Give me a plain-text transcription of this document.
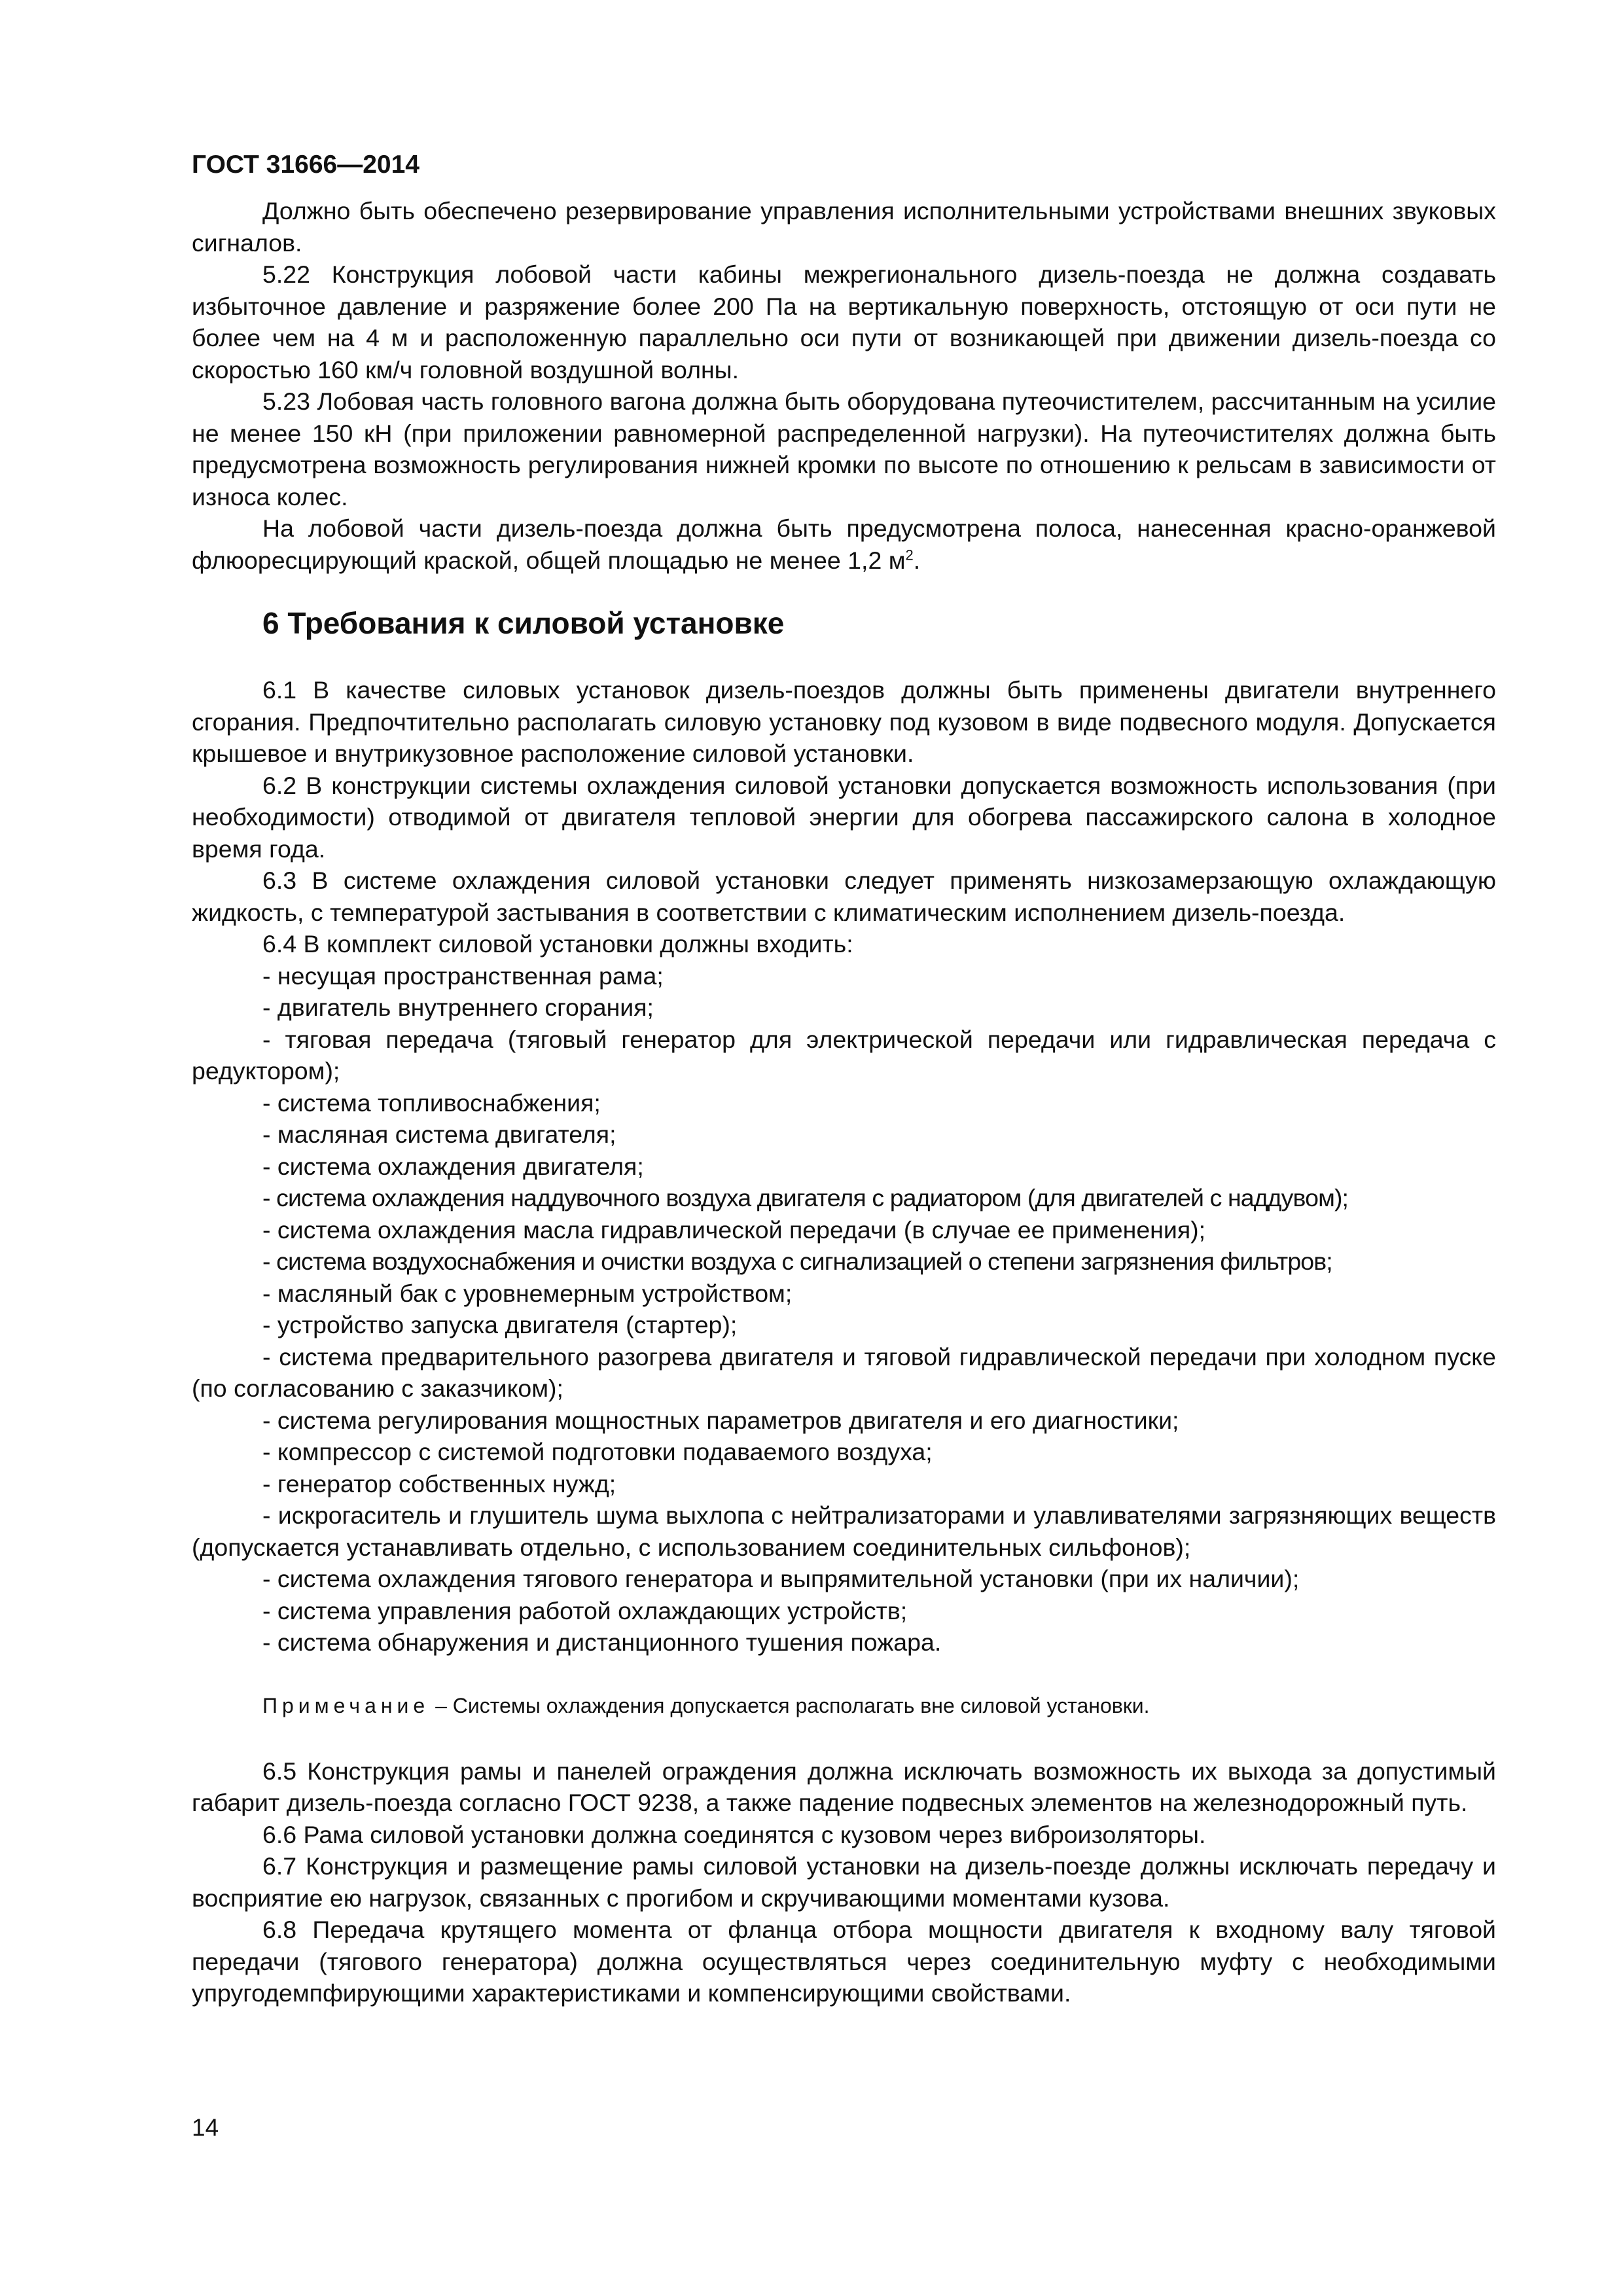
ГОСТ 31666—2014

Должно быть обеспечено резервирование управления исполнительными устройствами внешних звуковых сигналов.

5.22 Конструкция лобовой части кабины межрегионального дизель-поезда не должна создавать избыточное давление и разряжение более 200 Па на вертикальную поверхность, отстоящую от оси пути не более чем на 4 м и расположенную параллельно оси пути от возникающей при движении дизель-поезда со скоростью 160 км/ч головной воздушной волны.

5.23 Лобовая часть головного вагона должна быть оборудована путеочистителем, рассчитанным на усилие не менее 150 кН (при приложении равномерной распределенной нагрузки). На путеочистителях должна быть предусмотрена возможность регулирования нижней кромки по высоте по отношению к рельсам в зависимости от износа колес.

На лобовой части дизель-поезда должна быть предусмотрена полоса, нанесенная красно-оранжевой флюоресцирующий краской, общей площадью не менее 1,2 $м^2$.

6 Требования к силовой установке

6.1 В качестве силовых установок дизель-поездов должны быть применены двигатели внутреннего сгорания. Предпочтительно располагать силовую установку под кузовом в виде подвесного модуля. Допускается крышевое и внутрикузовное расположение силовой установки.

6.2 В конструкции системы охлаждения силовой установки допускается возможность использования (при необходимости) отводимой от двигателя тепловой энергии для обогрева пассажирского салона в холодное время года.

6.3 В системе охлаждения силовой установки следует применять низкозамерзающую охлаждающую жидкость, с температурой застывания в соответствии с климатическим исполнением дизель-поезда.

6.4 В комплект силовой установки должны входить:

- несущая пространственная рама;

- двигатель внутреннего сгорания;

- тяговая передача (тяговый генератор для электрической передачи или гидравлическая передача с редуктором);

- система топливоснабжения;

- масляная система двигателя;

- система охлаждения двигателя;

- система охлаждения наддувочного воздуха двигателя с радиатором (для двигателей с наддувом);

- система охлаждения масла гидравлической передачи (в случае ее применения);

- система воздухоснабжения и очистки воздуха с сигнализацией о степени загрязнения фильтров;

- масляный бак с уровнемерным устройством;

- устройство запуска двигателя (стартер);

- система предварительного разогрева двигателя и тяговой гидравлической передачи при холодном пуске (по согласованию с заказчиком);

- система регулирования мощностных параметров двигателя и его диагностики;

- компрессор с системой подготовки подаваемого воздуха;

- генератор собственных нужд;

- искрогаситель и глушитель шума выхлопа с нейтрализаторами и улавливателями загрязняющих веществ (допускается устанавливать отдельно, с использованием соединительных сильфонов);

- система охлаждения тягового генератора и выпрямительной установки (при их наличии);

- система управления работой охлаждающих устройств;

- система обнаружения и дистанционного тушения пожара.

Примечание – Системы охлаждения допускается располагать вне силовой установки.

6.5 Конструкция рамы и панелей ограждения должна исключать возможность их выхода за допустимый габарит дизель-поезда согласно ГОСТ 9238, а также падение подвесных элементов на железнодорожный путь.

6.6 Рама силовой установки должна соединятся с кузовом через виброизоляторы.

6.7 Конструкция и размещение рамы силовой установки на дизель-поезде должны исключать передачу и восприятие ею нагрузок, связанных с прогибом и скручивающими моментами кузова.

6.8 Передача крутящего момента от фланца отбора мощности двигателя к входному валу тяговой передачи (тягового генератора) должна осуществляться через соединительную муфту с необходимыми упругодемпфирующими характеристиками и компенсирующими свойствами.

14
